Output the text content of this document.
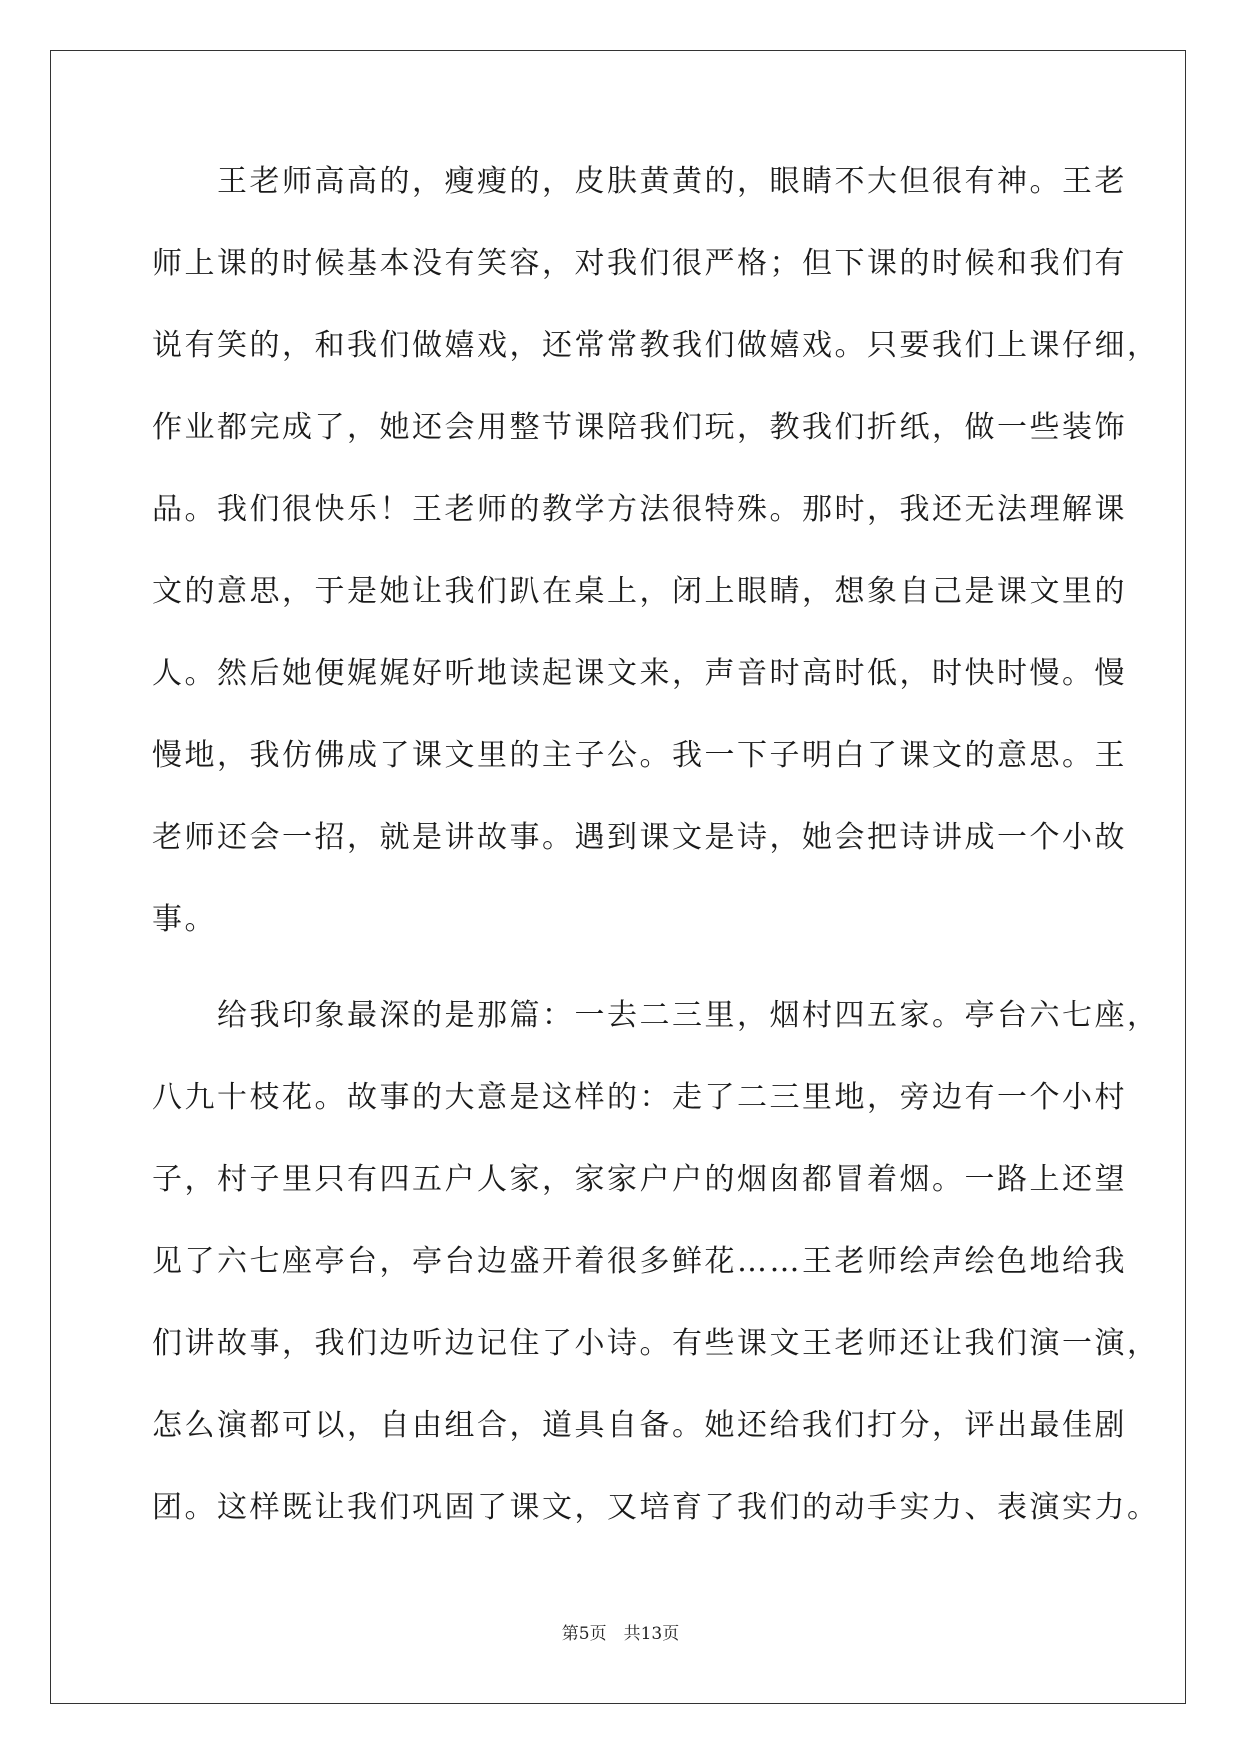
　　王老师高高的，瘦瘦的，皮肤黄黄的，眼睛不大但很有神。王老
师上课的时候基本没有笑容，对我们很严格；但下课的时候和我们有
说有笑的，和我们做嬉戏，还常常教我们做嬉戏。只要我们上课仔细，
作业都完成了，她还会用整节课陪我们玩，教我们折纸，做一些装饰
品。我们很快乐！王老师的教学方法很特殊。那时，我还无法理解课
文的意思，于是她让我们趴在桌上，闭上眼睛，想象自己是课文里的
人。然后她便娓娓好听地读起课文来，声音时高时低，时快时慢。慢
慢地，我仿佛成了课文里的主子公。我一下子明白了课文的意思。王
老师还会一招，就是讲故事。遇到课文是诗，她会把诗讲成一个小故
事。
　　给我印象最深的是那篇：一去二三里，烟村四五家。亭台六七座，
八九十枝花。故事的大意是这样的：走了二三里地，旁边有一个小村
子，村子里只有四五户人家，家家户户的烟囱都冒着烟。一路上还望
见了六七座亭台，亭台边盛开着很多鲜花……王老师绘声绘色地给我
们讲故事，我们边听边记住了小诗。有些课文王老师还让我们演一演，
怎么演都可以，自由组合，道具自备。她还给我们打分，评出最佳剧
团。这样既让我们巩固了课文，又培育了我们的动手实力、表演实力。
第5页　共13页
